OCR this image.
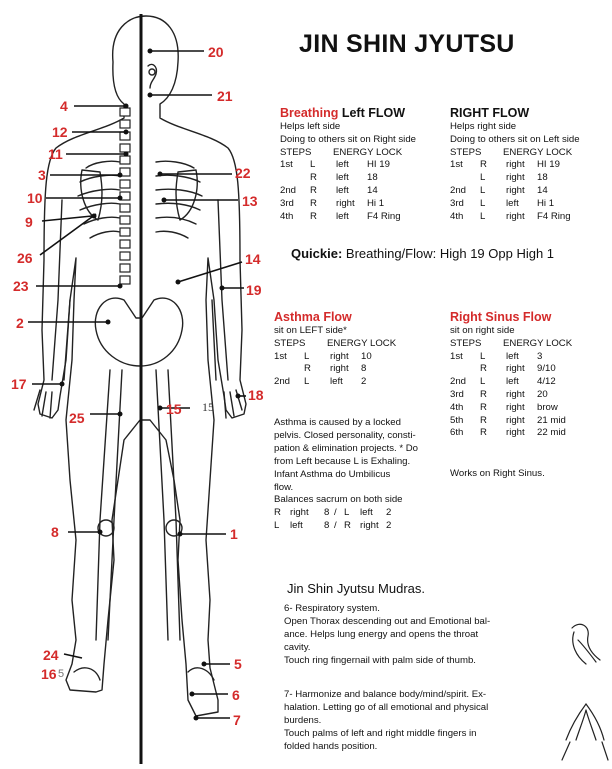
20
21
4
12
11
3
10
9
26
23
2
17
25
8
24
16 5
22
13
14
19
18
15 15
1
5
6
7
JIN SHIN JYUTSU
Breathing Left FLOW
Helps left side
Doing to others sit on Right side
STEPS	ENERGY LOCK
1st	L	left	HI 19
R	left	18
2nd	R	left	14
3rd	R	right	Hi 1
4th	R	left	F4 Ring
RIGHT FLOW
Helps right side
Doing to others sit on Left side
STEPS	ENERGY LOCK
1st	R	right	HI 19
L	right	18
2nd	L	right	14
3rd	L	left	Hi 1
4th	L	right	F4 Ring
Quickie: Breathing/Flow: High 19 Opp High 1
Asthma Flow
sit on LEFT side*
STEPS	ENERGY LOCK
1st	L	right	10
R	right	8
2nd	L	left	2
Asthma is caused by a locked
pelvis. Closed personality, consti-
pation & elimination projects. * Do
from Left because L is Exhaling.
Infant Asthma do Umbilicus
flow.
Balances sacrum on both side
R right	8 / L	left	2
L	left	8 / R right 2
Right Sinus Flow
sit on right side
STEPS	ENERGY LOCK
1st	L	left	3
R	right	9/10
2nd	L	left	4/12
3rd	R	right	20
4th	R	right	brow
5th	R	right	21 mid
6th	R	right	22 mid
Works on Right Sinus.
Jin Shin Jyutsu Mudras.
6- Respiratory system.
Open Thorax descending out and Emotional bal-
ance. Helps lung energy and opens the throat
cavity.
Touch ring fingernail with palm side of thumb.
7- Harmonize and balance body/mind/spirit. Ex-
halation. Letting go of all emotional and physical
burdens.
Touch palms of left and right middle fingers in
folded hands position.
